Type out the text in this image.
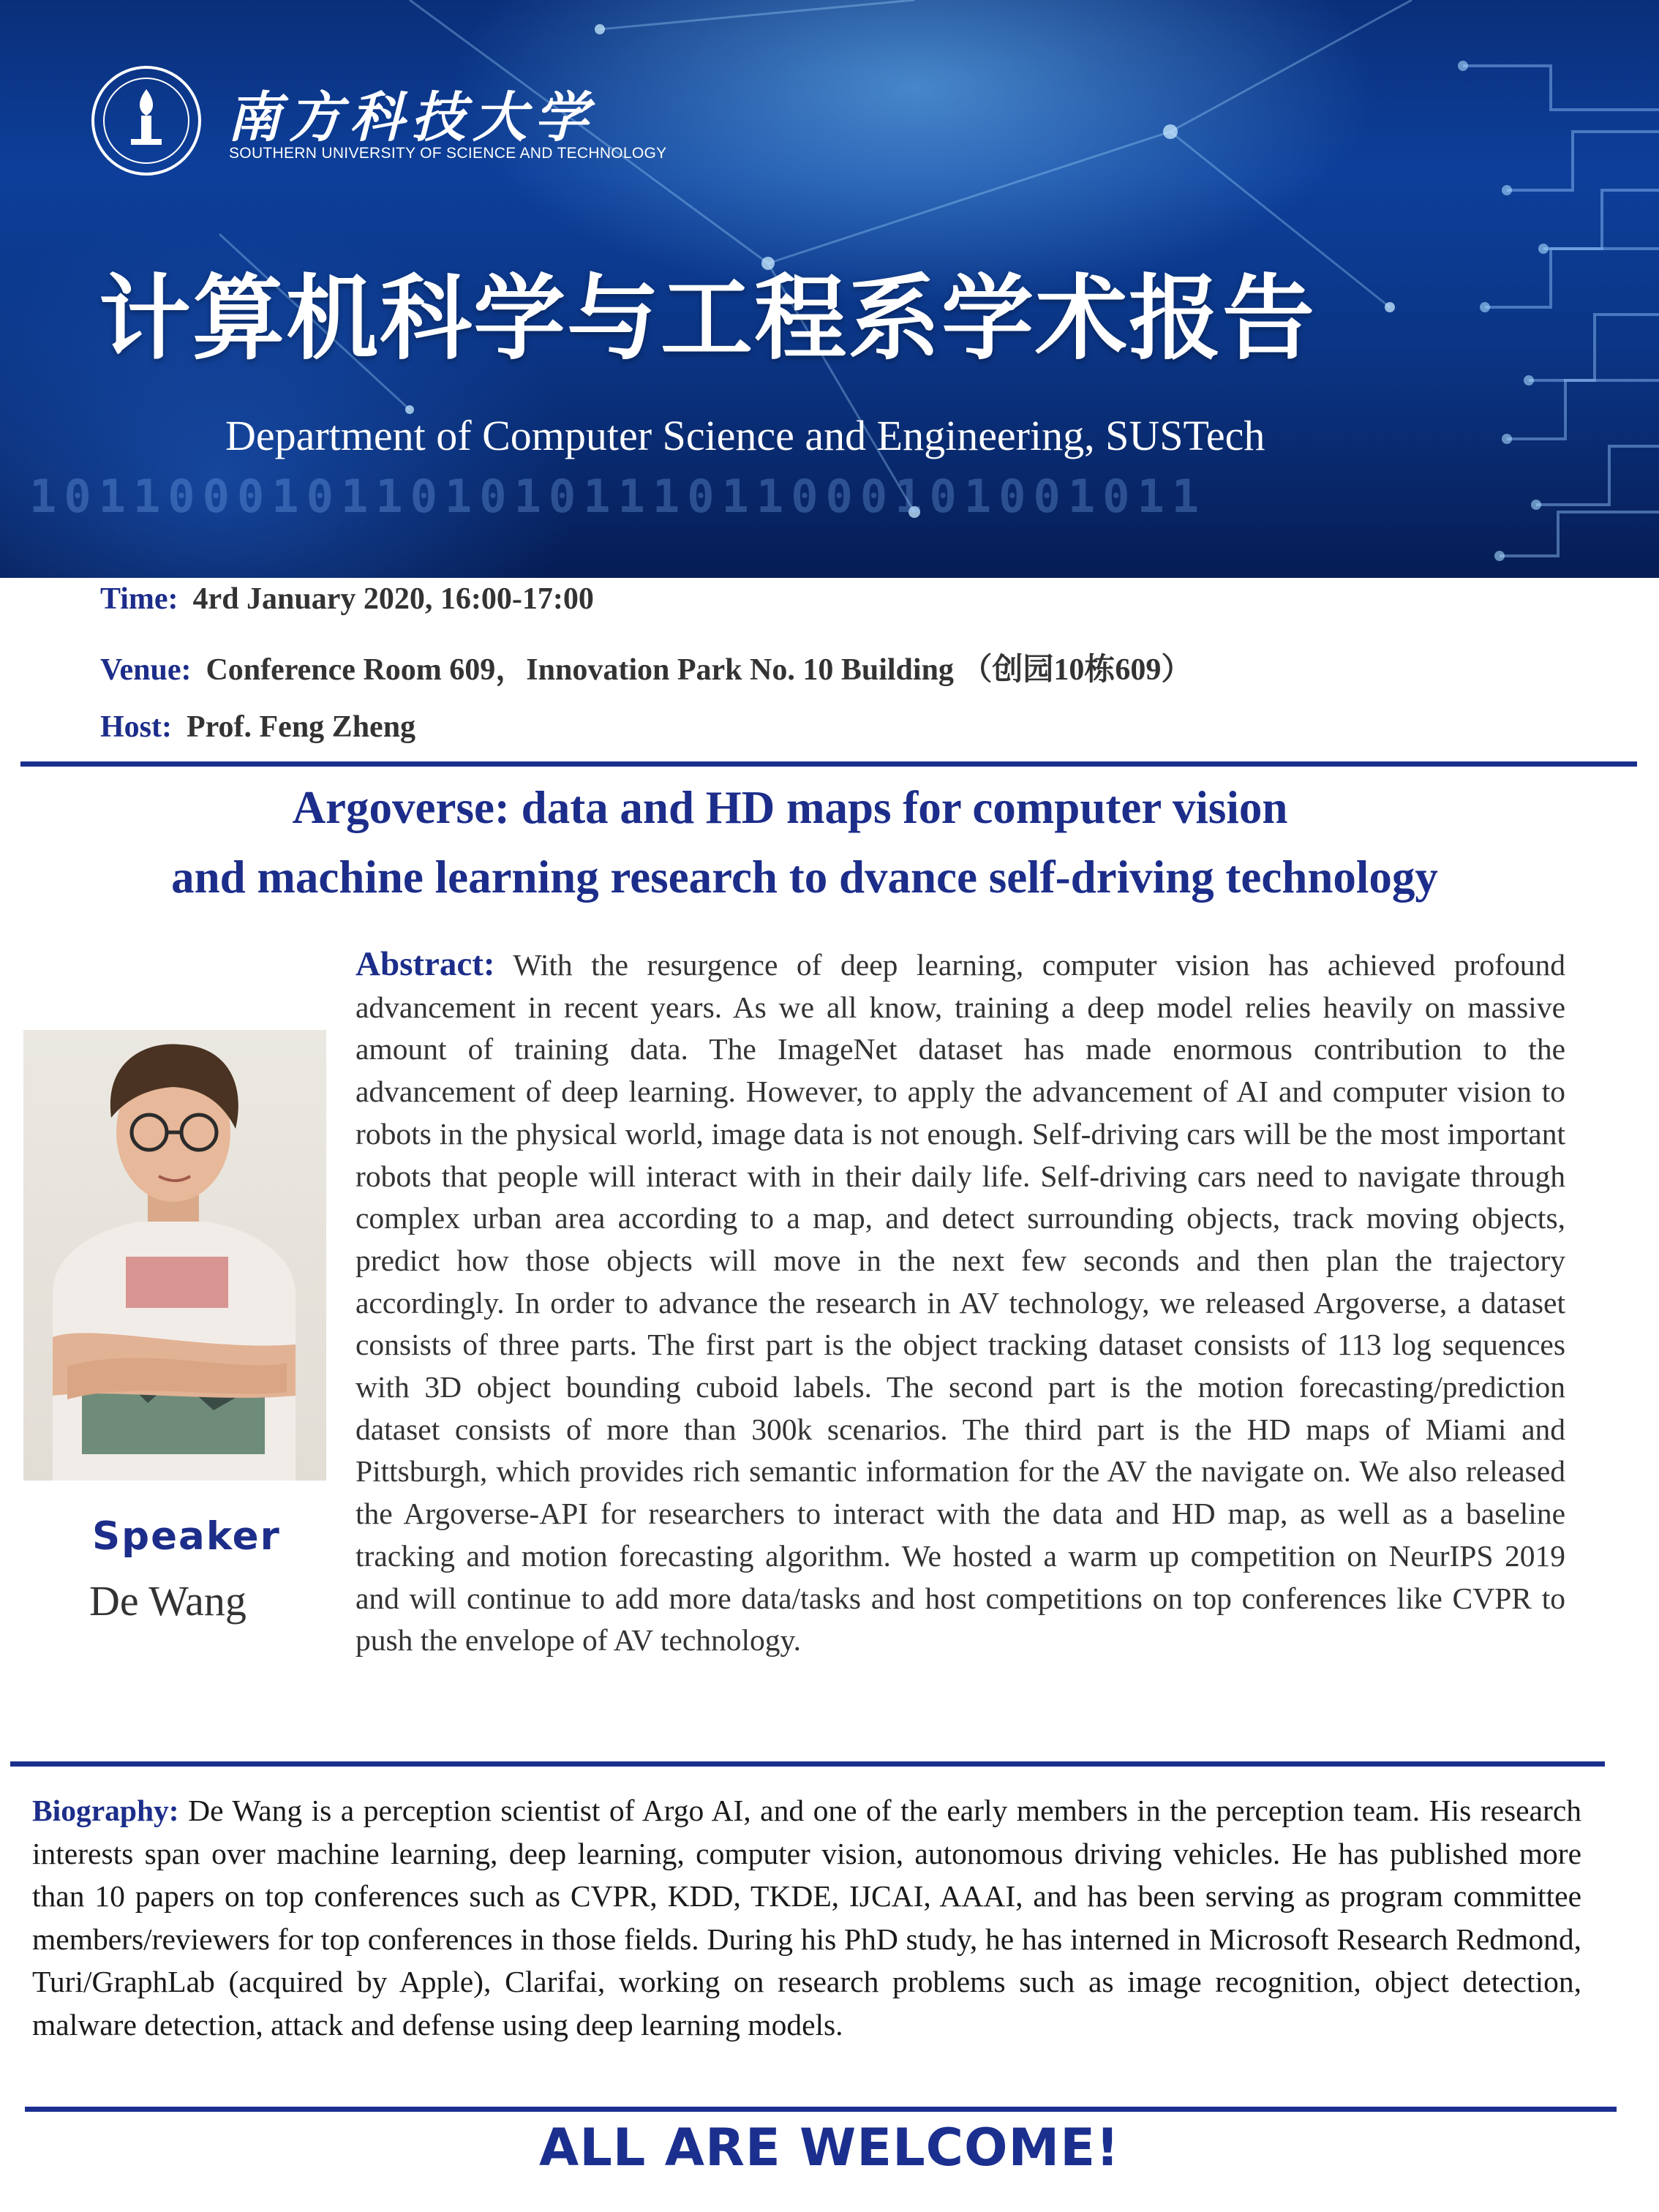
1011000101101010111011000101001011
南方科技大学
SOUTHERN UNIVERSITY OF SCIENCE AND TECHNOLOGY
计算机科学与工程系学术报告
Department of Computer Science and Engineering, SUSTech
Time: 4rd January 2020, 16:00-17:00
Venue: Conference Room 609，Innovation Park No. 10 Building （创园10栋609）
Host: Prof. Feng Zheng
Argoverse: data and HD maps for computer vision
and machine learning research to dvance self-driving technology
Speaker
De Wang

Abstract: With the resurgence of deep learning, computer vision has achieved profound advancement in recent years. As we all know, training a deep model relies heavily on massive amount of training data. The ImageNet dataset has made enormous contribution to the advancement of deep learning. However, to apply the advancement of AI and computer vision to robots in the physical world, image data is not enough. Self-driving cars will be the most important robots that people will interact with in their daily life. Self-driving cars need to navigate through complex urban area according to a map, and detect surrounding objects, track moving objects, predict how those objects will move in the next few seconds and then plan the trajectory accordingly. In order to advance the research in AV technology, we released Argoverse, a dataset consists of three parts. The first part is the object tracking dataset consists of 113 log sequences with 3D object bounding cuboid labels. The second part is the motion forecasting/prediction dataset consists of more than 300k scenarios. The third part is the HD maps of Miami and Pittsburgh, which provides rich semantic information for the AV the navigate on. We also released the Argoverse-API for researchers to interact with the data and HD map, as well as a baseline tracking and motion forecasting algorithm. We hosted a warm up competition on NeurIPS 2019 and will continue to add more data/tasks and host competitions on top conferences like CVPR to push the envelope of AV technology.

Biography: De Wang is a perception scientist of Argo AI, and one of the early members in the perception team. His research interests span over machine learning, deep learning, computer vision, autonomous driving vehicles. He has published more than 10 papers on top conferences such as CVPR, KDD, TKDE, IJCAI, AAAI, and has been serving as program committee members/reviewers for top conferences in those fields. During his PhD study, he has interned in Microsoft Research Redmond, Turi/GraphLab (acquired by Apple), Clarifai, working on research problems such as image recognition, object detection, malware detection, attack and defense using deep learning models.

ALL ARE WELCOME!
